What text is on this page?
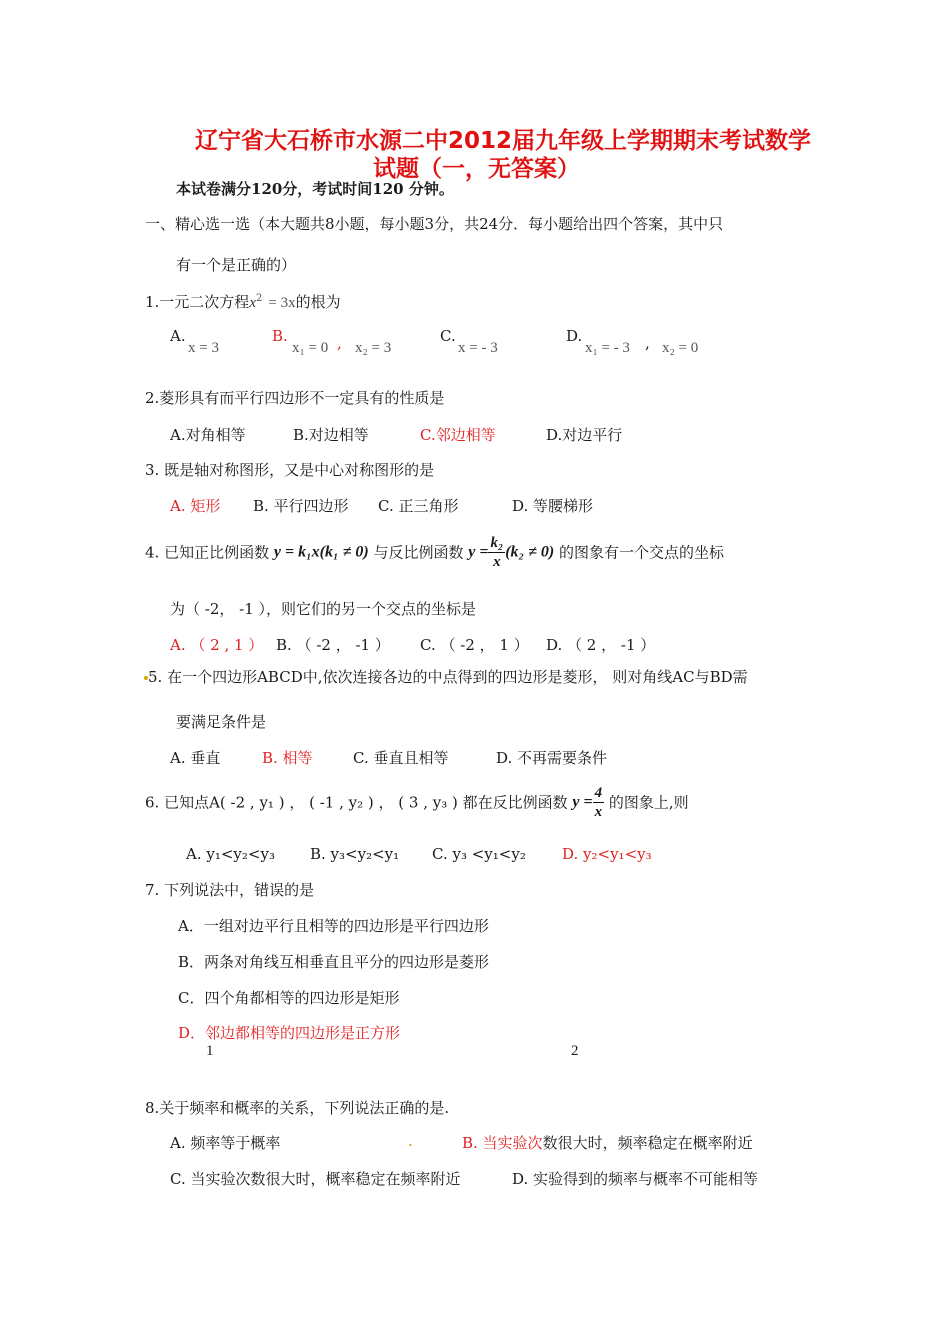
辽宁省大石桥市水源二中2012届九年级上学期期末考试数学
试题（一，无答案）
本试卷满分120分，考试时间120 分钟。
一、精心选一选（本大题共8小题，每小题3分，共24分．每小题给出四个答案，其中只
有一个是正确的）
1.一元二次方程$x^2 = 3x$的根为
A.
x = 3
B.
x₁ = 0 , x₂ = 3
C.
x = - 3
D.
x₁ = - 3 , x₂ = 0
2.菱形具有而平行四边形不一定具有的性质是
A.对角相等	B.对边相等	C.邻边相等	D.对边平行
3. 既是轴对称图形，又是中心对称图形的是
A. 矩形 B. 平行四边形 C. 正三角形	D. 等腰梯形
4. 已知正比例函数 y = k₁x(k₁ ≠ 0) 与反比例函数 $y = \frac{\text{k₂}}{x} (k_2 \ne 0)$ 的图象有一个交点的坐标
为（ -2， -1 ），则它们的另一个交点的坐标是
A. （ 2 , 1 ） B. （ -2 ， -1 ） C. （ -2 ， 1 ） D. （ 2 ， -1 ）
5. 在一个四边形ABCD中,依次连接各边的中点得到的四边形是菱形， 则对角线AC与BD需
要满足条件是
A. 垂直	B. 相等	C. 垂直且相等	D. 不再需要条件
6. 已知点A( -2 , y₁ ) ， ( -1 , y₂ ) ， ( 3 , y₃ ) 都在反比例函数 $y = \frac{4}{x}$ 的图象上,则
A. y₁<y₂<y₃ B. y₃<y₂<y₁ C. y₃ <y₁<y₂ D. y₂<y₁<y₃
7. 下列说法中，错误的是
A．一组对边平行且相等的四边形是平行四边形
B．两条对角线互相垂直且平分的四边形是菱形
C．四个角都相等的四边形是矩形
D．邻边都相等的四边形是正方形
1	2
8.关于频率和概率的关系，下列说法正确的是.
A. 频率等于概率	.	B. 当实验次数很大时，频率稳定在概率附近
C. 当实验次数很大时，概率稳定在频率附近	D. 实验得到的频率与概率不可能相等
